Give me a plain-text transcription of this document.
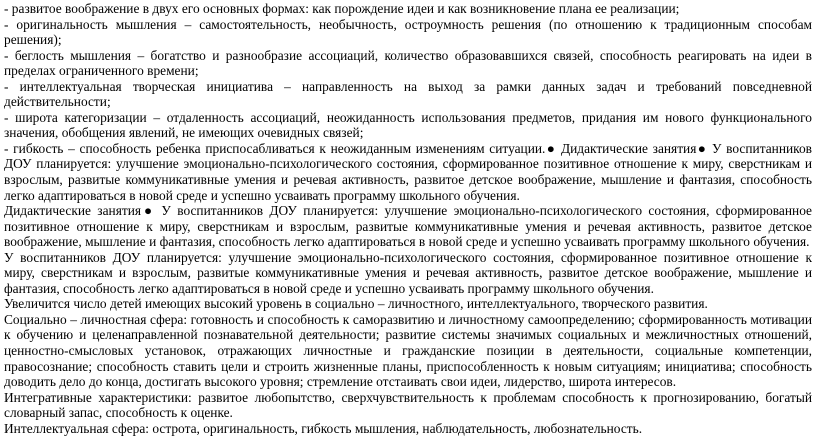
- развитое воображение в двух его основных формах: как порождение идеи и как возникновение плана ее реализации;

- оригинальность мышления – самостоятельность, необычность, остроумность решения (по отношению к традиционным способам решения);

- беглость мышления – богатство и разнообразие ассоциаций, количество образовавшихся связей, способность реагировать на идеи в пределах ограниченного времени;

- интеллектуальная творческая инициатива – направленность на выход за рамки данных задач и требований повседневной действительности;

- широта категоризации – отдаленность ассоциаций, неожиданность использования предметов, придания им нового функционального значения, обобщения явлений, не имеющих очевидных связей;

- гибкость – способность ребенка приспосабливаться к неожиданным изменениям ситуации.● Дидактические занятия● У воспитанников ДОУ планируется: улучшение эмоционально-психологического состояния, сформированное позитивное отношение к миру, сверстникам и взрослым, развитые коммуникативные умения и речевая активность, развитое детское воображение, мышление и фантазия, способность легко адаптироваться в новой среде и успешно усваивать программу школьного обучения.

Дидактические занятия● У воспитанников ДОУ планируется: улучшение эмоционально-психологического состояния, сформированное позитивное отношение к миру, сверстникам и взрослым, развитые коммуникативные умения и речевая активность, развитое детское воображение, мышление и фантазия, способность легко адаптироваться в новой среде и успешно усваивать программу школьного обучения.

У воспитанников ДОУ планируется: улучшение эмоционально-психологического состояния, сформированное позитивное отношение к миру, сверстникам и взрослым, развитые коммуникативные умения и речевая активность, развитое детское воображение, мышление и фантазия, способность легко адаптироваться в новой среде и успешно усваивать программу школьного обучения.

Увеличится число детей имеющих высокий уровень в социально – личностного, интеллектуального, творческого развития.

Социально – личностная сфера: готовность и способность к саморазвитию и личностному самоопределению; сформированность мотивации к обучению и целенаправленной познавательной деятельности; развитие системы значимых социальных и межличностных отношений, ценностно-смысловых установок, отражающих личностные и гражданские позиции в деятельности, социальные компетенции, правосознание; способность ставить цели и строить жизненные планы, приспособленность к новым ситуациям; инициатива; способность доводить дело до конца, достигать высокого уровня; стремление отстаивать свои идеи, лидерство, широта интересов.

Интегративные характеристики: развитое любопытство, сверхчувствительность к проблемам способность к прогнозированию, богатый словарный запас, способность к оценке.

Интеллектуальная сфера: острота, оригинальность, гибкость мышления, наблюдательность, любознательность.
